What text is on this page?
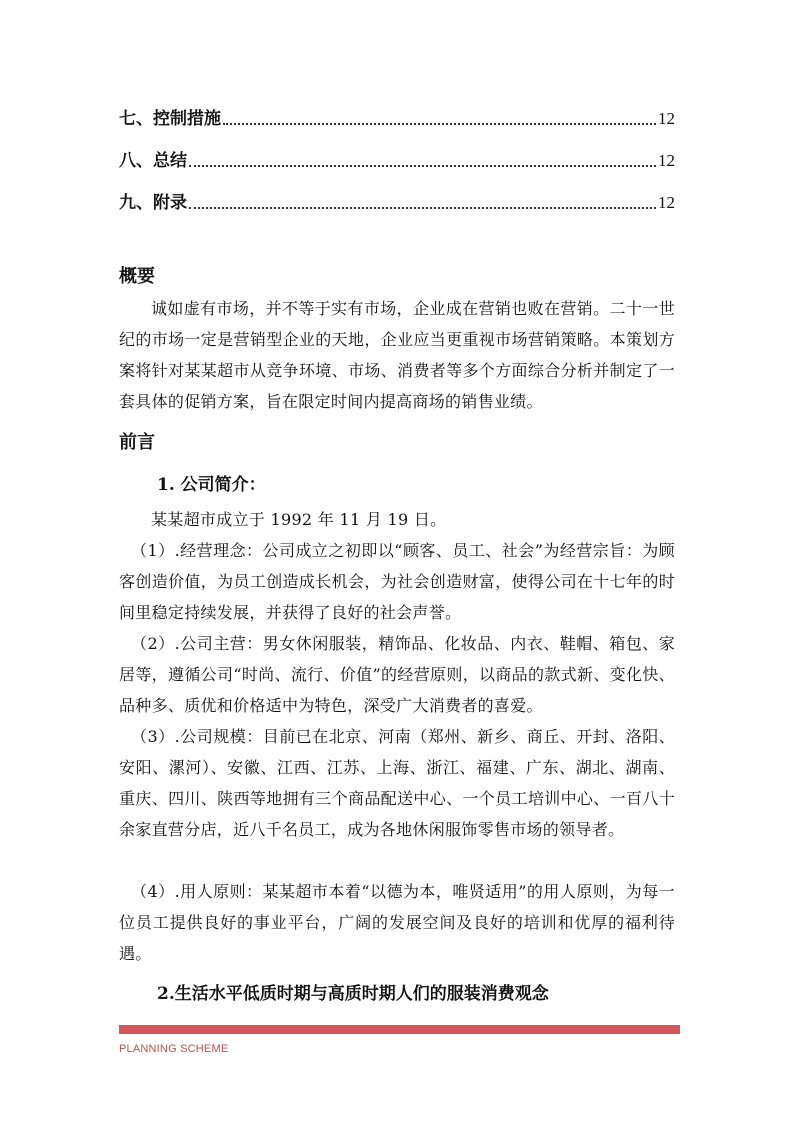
七、控制措施	12
八、总结	12
九、附录	12
概要
诚如虚有市场，并不等于实有市场，企业成在营销也败在营销。二十一世纪的市场一定是营销型企业的天地，企业应当更重视市场营销策略。本策划方案将针对某某超市从竞争环境、市场、消费者等多个方面综合分析并制定了一套具体的促销方案，旨在限定时间内提高商场的销售业绩。
前言
1. 公司简介：
某某超市成立于 1992 年 11 月 19 日。
（1）.经营理念：公司成立之初即以“顾客、员工、社会”为经营宗旨：为顾客创造价值，为员工创造成长机会，为社会创造财富，使得公司在十七年的时间里稳定持续发展，并获得了良好的社会声誉。
（2）.公司主营：男女休闲服装，精饰品、化妆品、内衣、鞋帽、箱包、家居等，遵循公司“时尚、流行、价值”的经营原则，以商品的款式新、变化快、品种多、质优和价格适中为特色，深受广大消费者的喜爱。
（3）.公司规模：目前已在北京、河南（郑州、新乡、商丘、开封、洛阳、安阳、漯河）、安徽、江西、江苏、上海、浙江、福建、广东、湖北、湖南、重庆、四川、陕西等地拥有三个商品配送中心、一个员工培训中心、一百八十余家直营分店，近八千名员工，成为各地休闲服饰零售市场的领导者。
（4）.用人原则：某某超市本着“以德为本，唯贤适用”的用人原则，为每一位员工提供良好的事业平台，广阔的发展空间及良好的培训和优厚的福利待遇。
2.生活水平低质时期与高质时期人们的服装消费观念
PLANNING SCHEME
